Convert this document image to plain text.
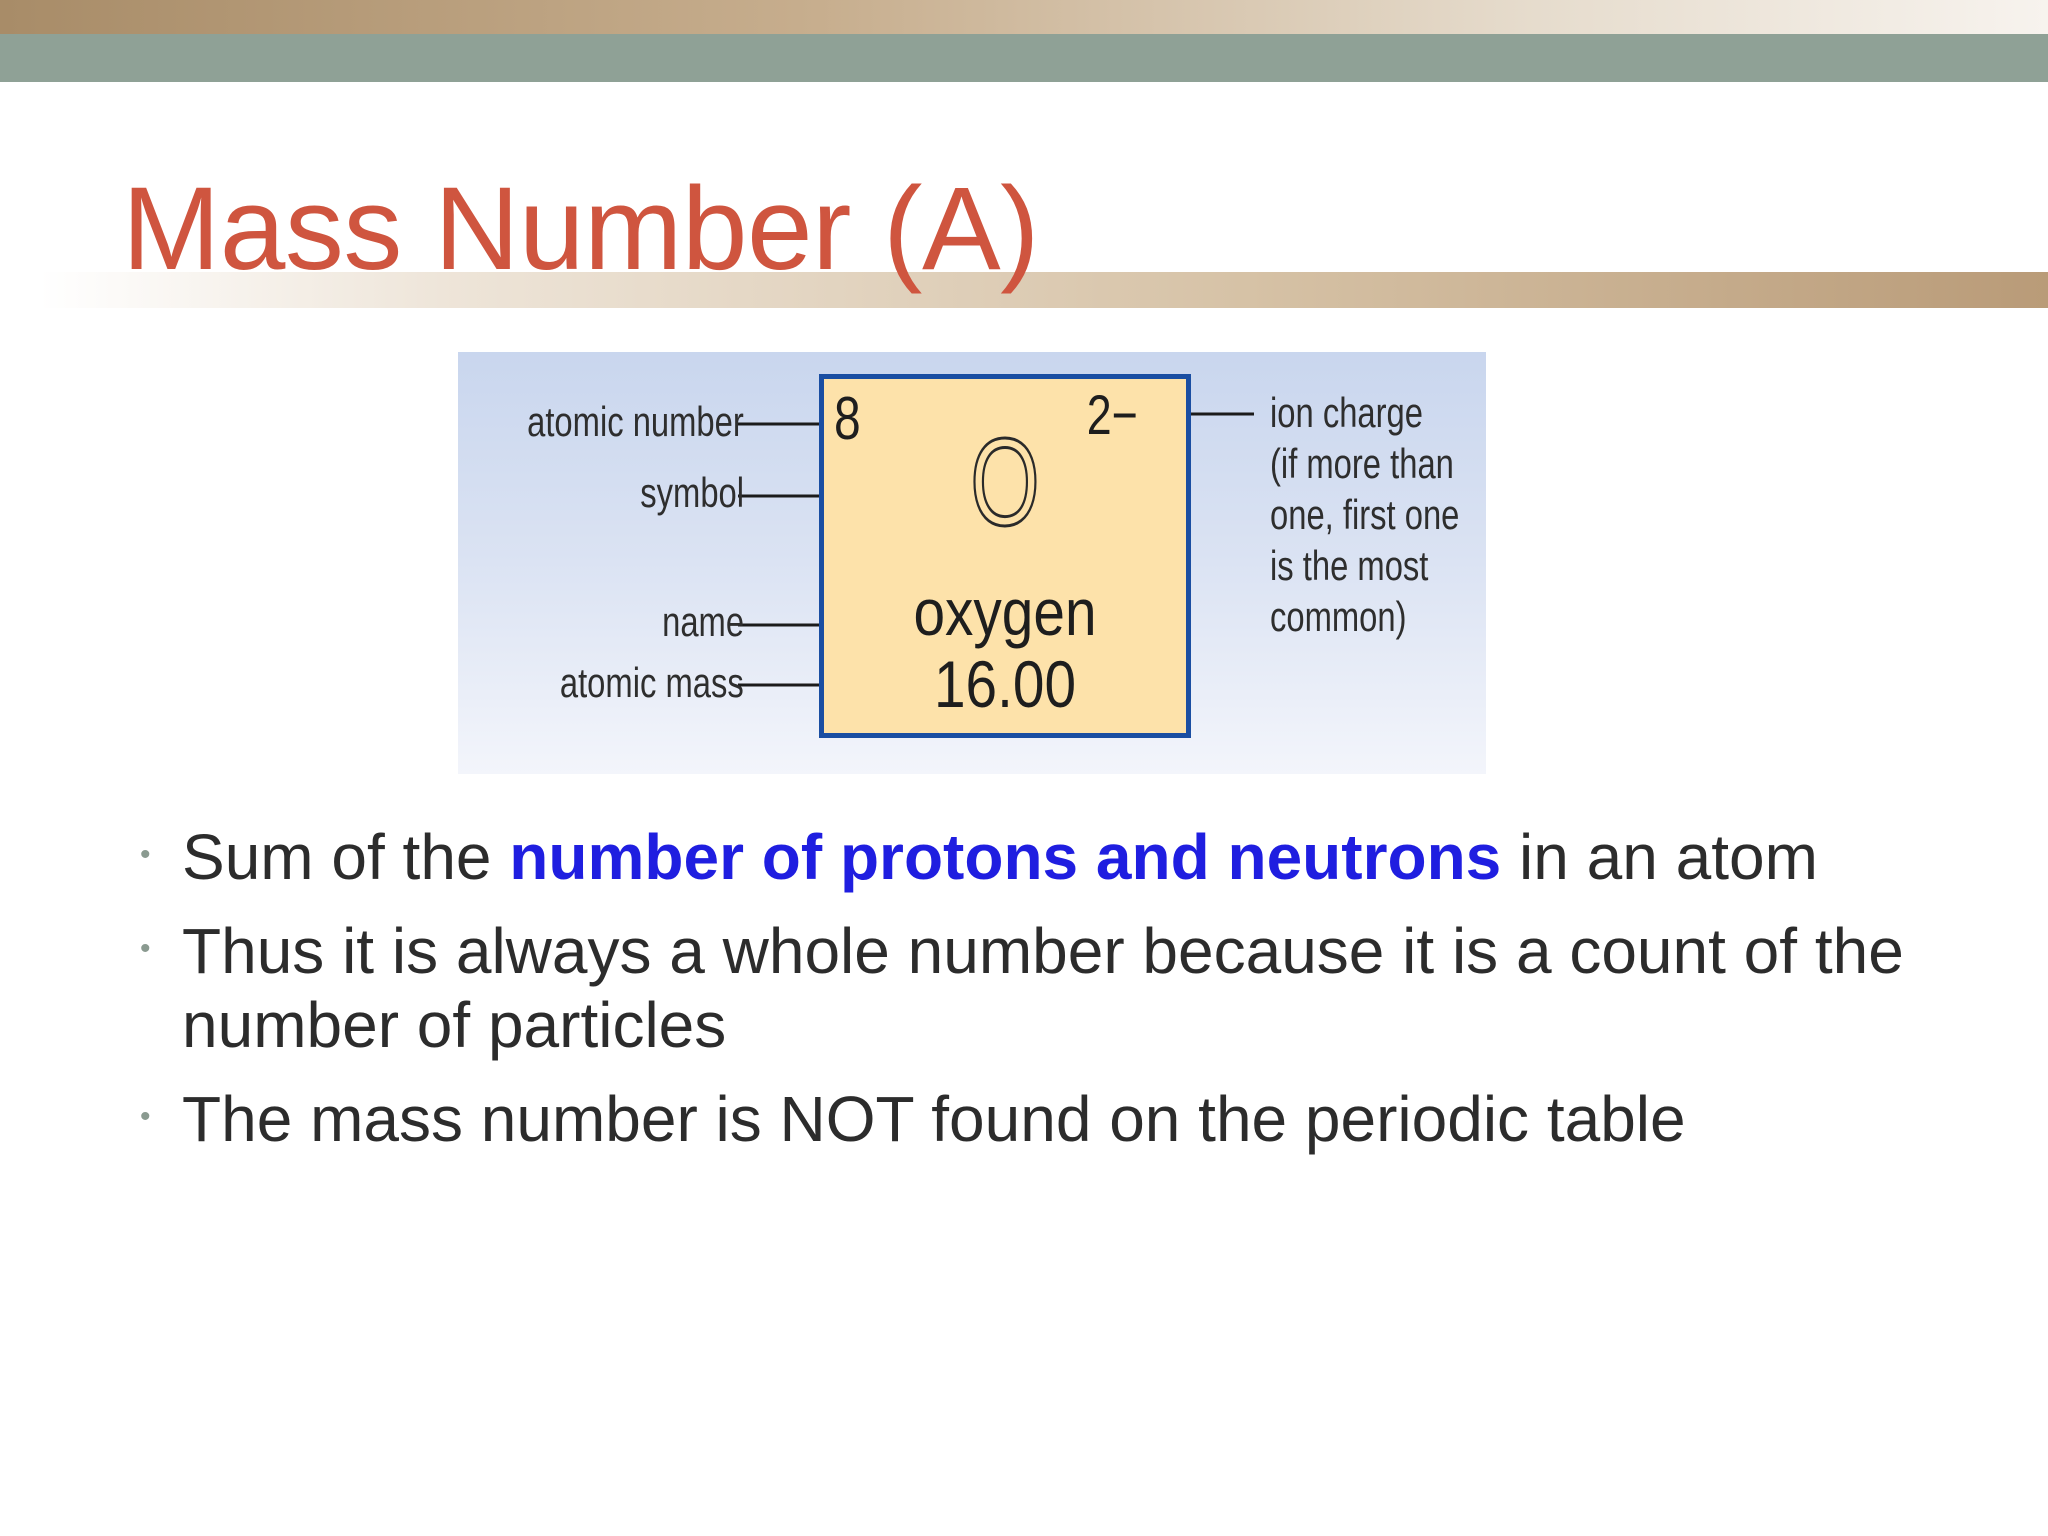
Mass Number (A)
atomic number
symbol
name
atomic mass
ion charge
(if more than
one, first one
is the most
common)
8	2−
O
oxygen
16.00
• Sum of the number of protons and neutrons in an atom
• Thus it is always a whole number because it is a count of the number of particles
• The mass number is NOT found on the periodic table
